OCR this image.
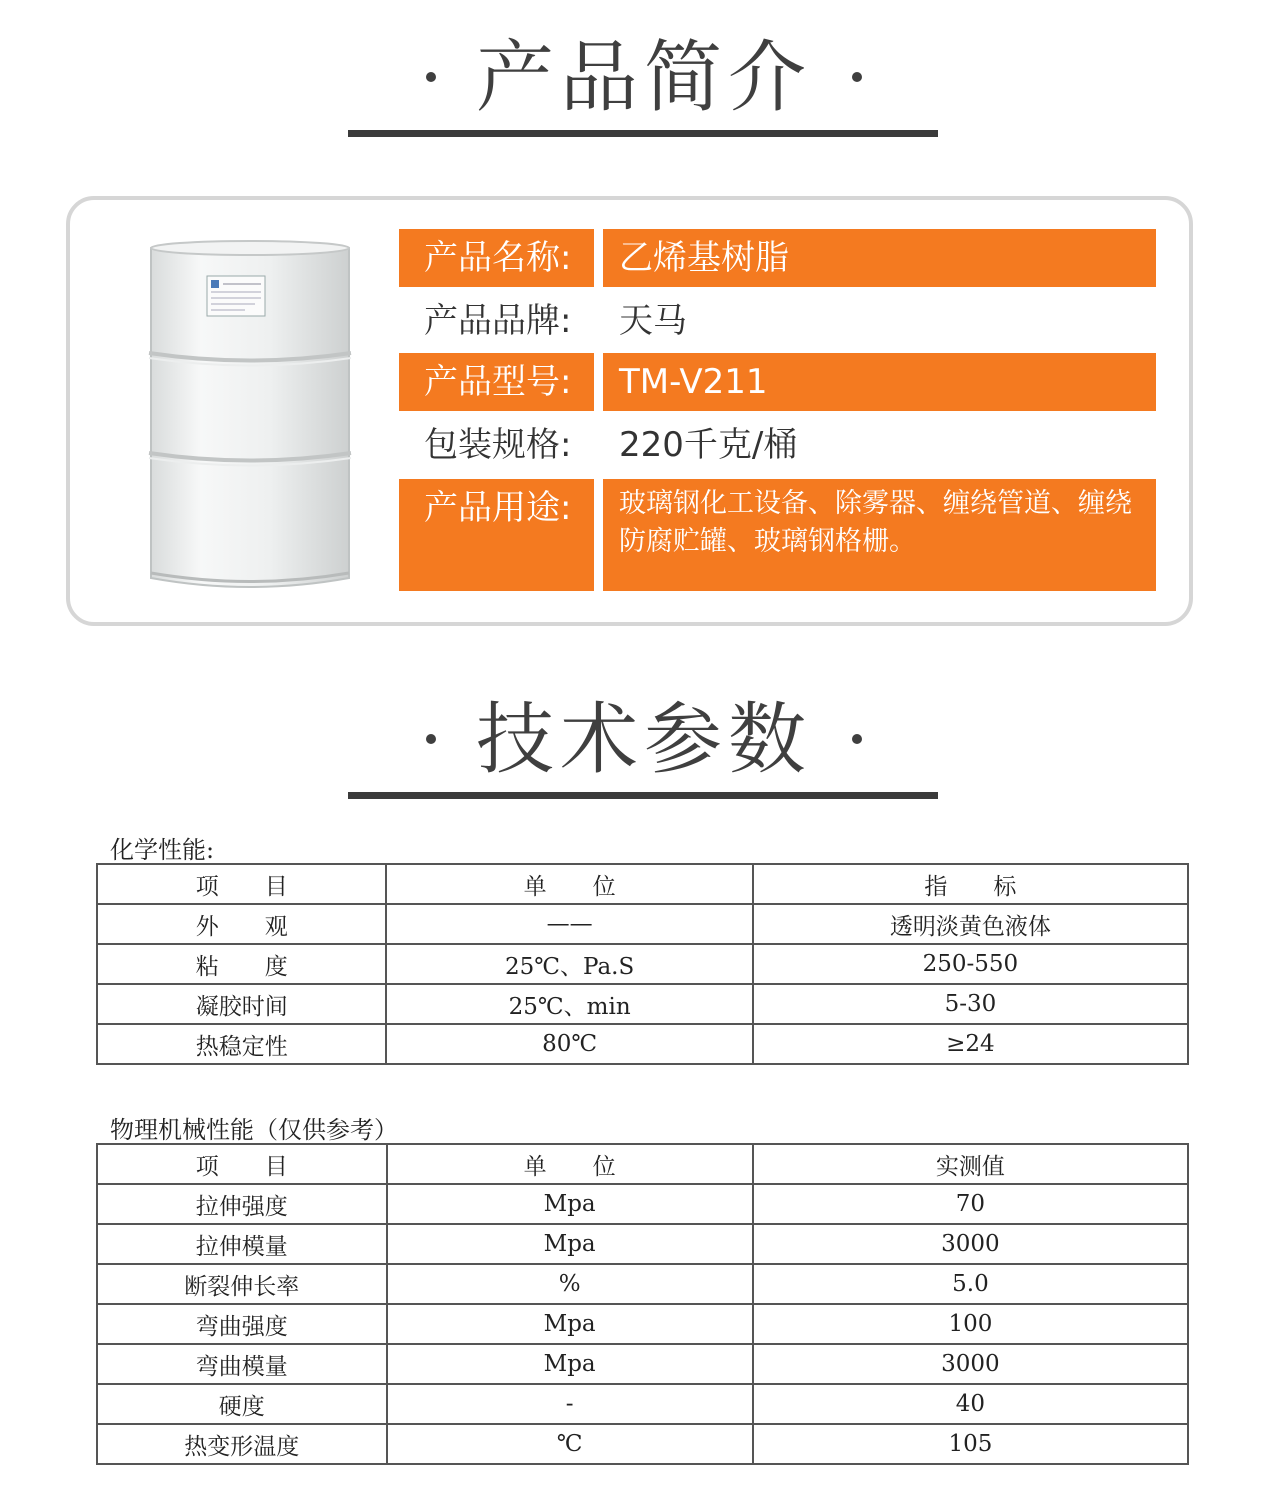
产品简介
产品名称:	乙烯基树脂
产品品牌:	天马
产品型号:	TM-V211
包装规格:	220千克/桶
产品用途:	玻璃钢化工设备、除雾器、缠绕管道、缠绕防腐贮罐、玻璃钢格栅。
技术参数
化学性能:
项　　目	单　　位	指　　标
外　　观	——	透明淡黄色液体
粘　　度	25℃、Pa.S	250-550
凝胶时间	25℃、min	5-30
热稳定性	80℃	≥24
物理机械性能（仅供参考）
项　　目	单　　位	实测值
拉伸强度	Mpa	70
拉伸模量	Mpa	3000
断裂伸长率	%	5.0
弯曲强度	Mpa	100
弯曲模量	Mpa	3000
硬度	-	40
热变形温度	℃	105
